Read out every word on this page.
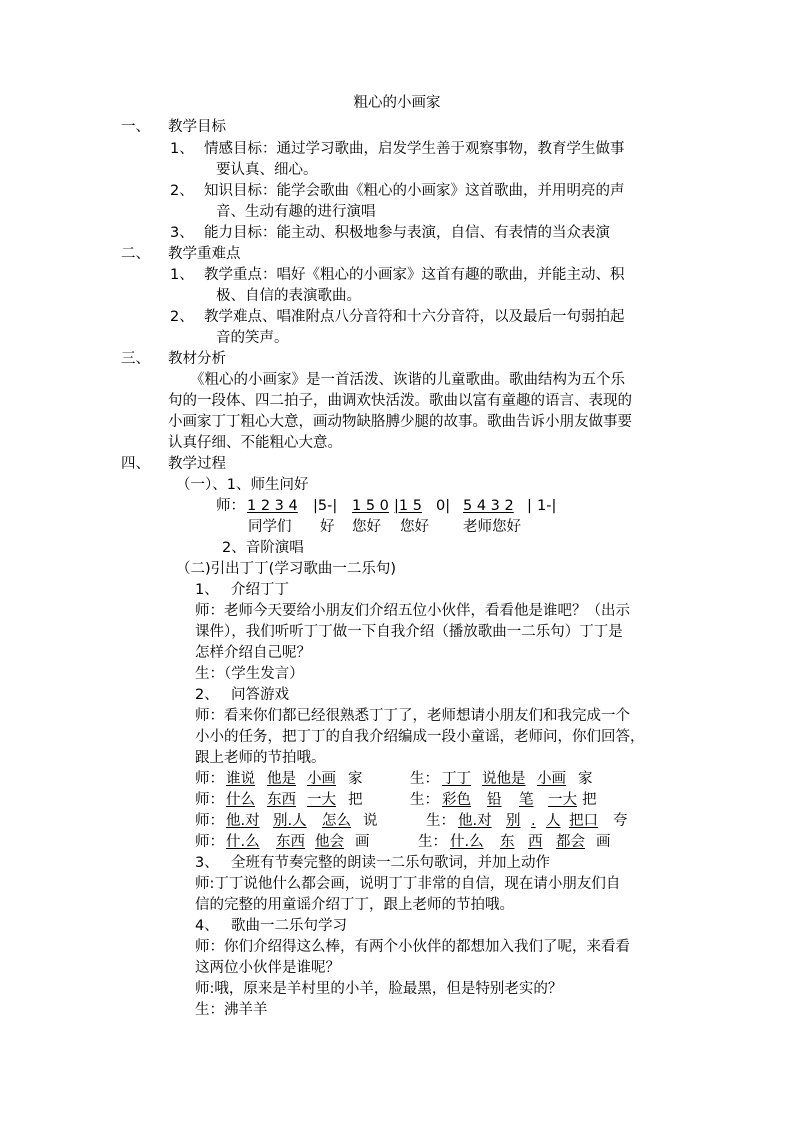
粗心的小画家
一、 教学目标
1、 情感目标：通过学习歌曲，启发学生善于观察事物，教育学生做事
要认真、细心。
2、 知识目标：能学会歌曲《粗心的小画家》这首歌曲，并用明亮的声
音、生动有趣的进行演唱
3、 能力目标：能主动、积极地参与表演，自信、有表情的当众表演
二、 教学重难点
1、 教学重点：唱好《粗心的小画家》这首有趣的歌曲，并能主动、积
极、自信的表演歌曲。
2、 教学难点、唱准附点八分音符和十六分音符，以及最后一句弱拍起
音的笑声。
三、 教材分析
《粗心的小画家》是一首活泼、诙谐的儿童歌曲。歌曲结构为五个乐
句的一段体、四二拍子，曲调欢快活泼。歌曲以富有童趣的语言、表现的
小画家丁丁粗心大意，画动物缺胳膊少腿的故事。歌曲告诉小朋友做事要
认真仔细、不能粗心大意。
四、 教学过程
（一）、1、师生问好
师： 1 2 3 4 |5-| 1 5 0 |1 5 0| 5 4 3 2 | 1-|
同学们 好 您好 您好 老师您好
2、音阶演唱
（二)引出丁丁(学习歌曲一二乐句)
1、 介绍丁丁
师：老师今天要给小朋友们介绍五位小伙伴，看看他是谁吧？（出示
课件），我们听听丁丁做一下自我介绍（播放歌曲一二乐句）丁丁是
怎样介绍自己呢？
生：（学生发言）
2、 问答游戏
师：看来你们都已经很熟悉丁丁了，老师想请小朋友们和我完成一个
小小的任务，把丁丁的自我介绍编成一段小童谣，老师问，你们回答，
跟上老师的节拍哦。
师： 谁说 他是 小画 家	生： 丁丁 说他是 小画 家
师： 什么 东西 一大 把	生： 彩色 铅 笔 一大 把
师： 他.对 别.人 怎么 说	生： 他.对 别 . 人 把口 夸
师： 什.么 东西 他会 画	生： 什.么 东 西 都会 画
3、 全班有节奏完整的朗读一二乐句歌词，并加上动作
师:丁丁说他什么都会画，说明丁丁非常的自信，现在请小朋友们自
信的完整的用童谣介绍丁丁，跟上老师的节拍哦。
4、 歌曲一二乐句学习
师：你们介绍得这么棒，有两个小伙伴的都想加入我们了呢，来看看
这两位小伙伴是谁呢？
师:哦，原来是羊村里的小羊，脸最黑，但是特别老实的？
生：沸羊羊
